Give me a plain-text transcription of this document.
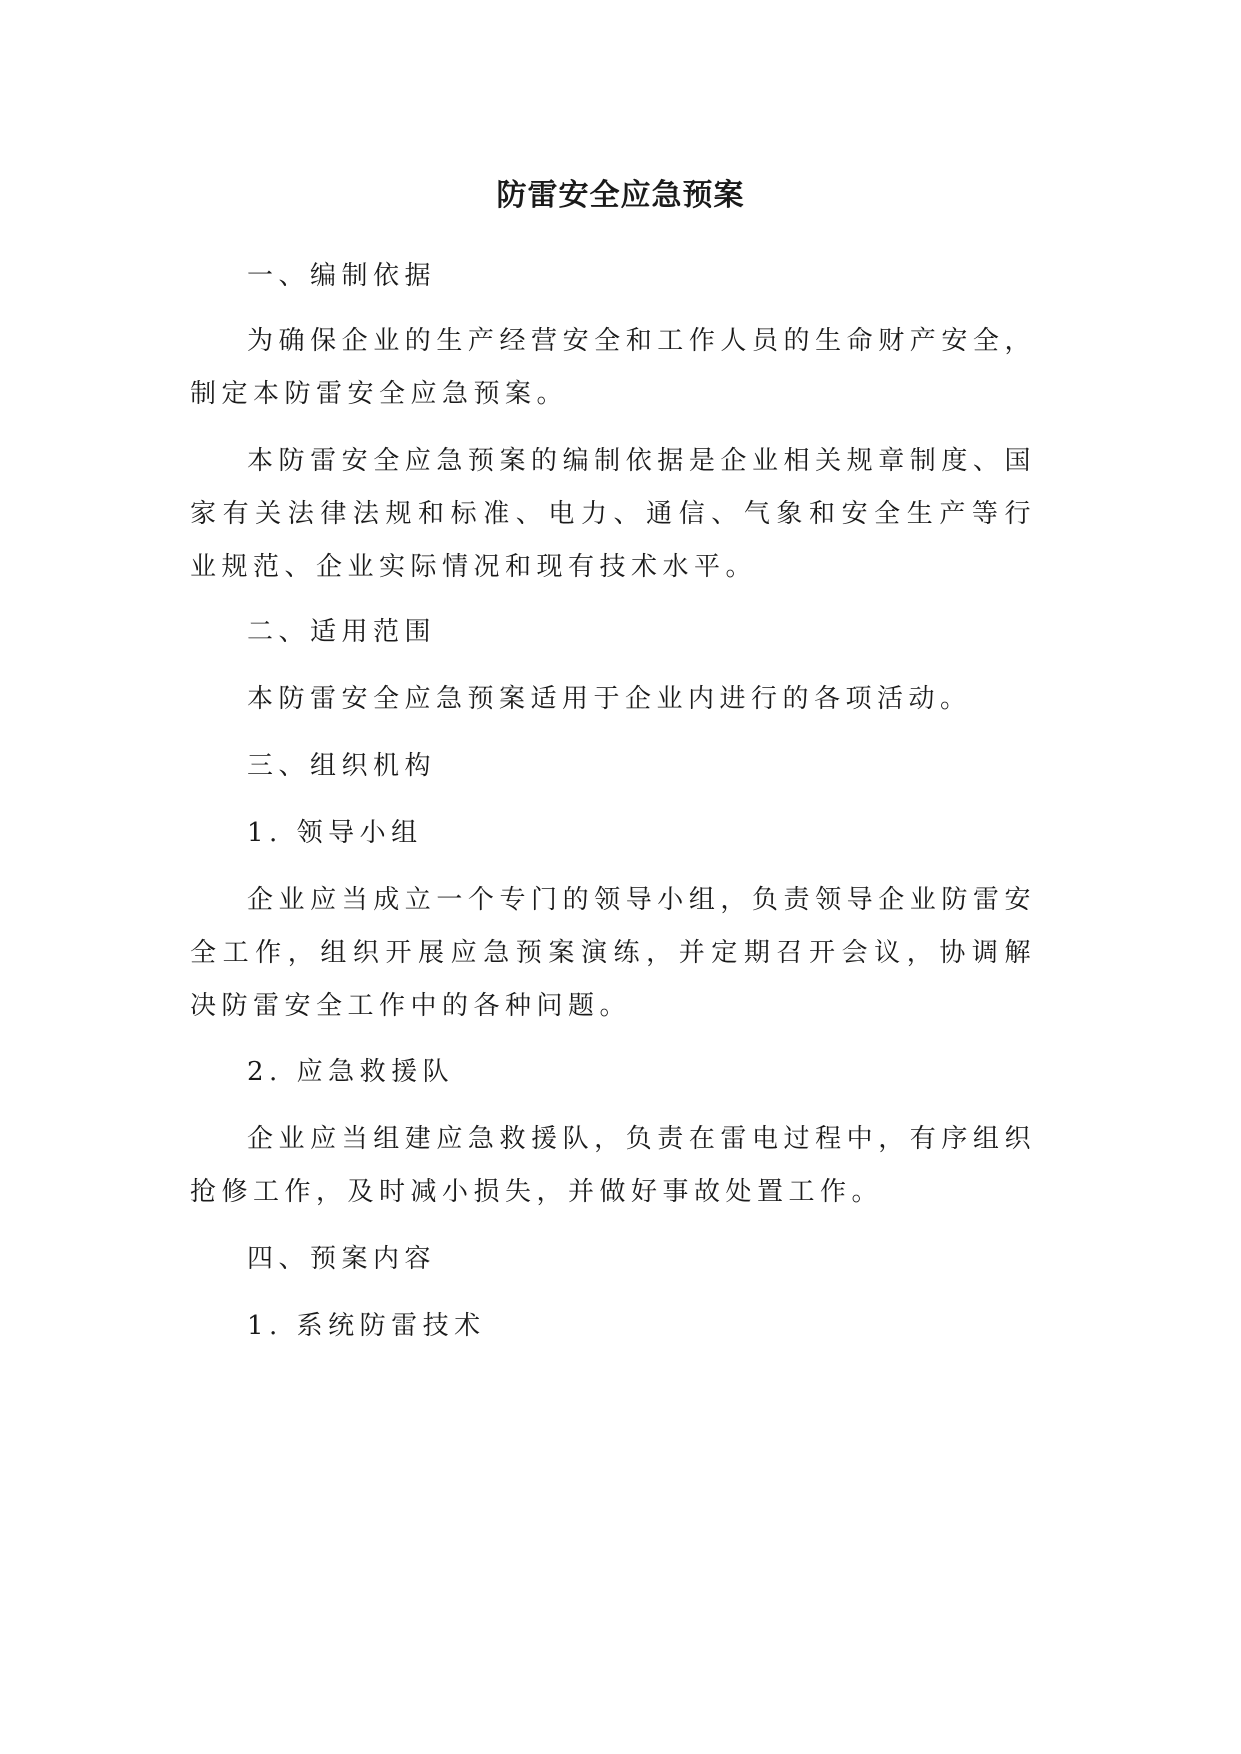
防雷安全应急预案
一、编制依据
为确保企业的生产经营安全和工作人员的生命财产安全，制定本防雷安全应急预案。
本防雷安全应急预案的编制依据是企业相关规章制度、国家有关法律法规和标准、电力、通信、气象和安全生产等行业规范、企业实际情况和现有技术水平。
二、适用范围
本防雷安全应急预案适用于企业内进行的各项活动。
三、组织机构
1. 领导小组
企业应当成立一个专门的领导小组，负责领导企业防雷安全工作，组织开展应急预案演练，并定期召开会议，协调解决防雷安全工作中的各种问题。
2. 应急救援队
企业应当组建应急救援队，负责在雷电过程中，有序组织抢修工作，及时减小损失，并做好事故处置工作。
四、预案内容
1. 系统防雷技术
